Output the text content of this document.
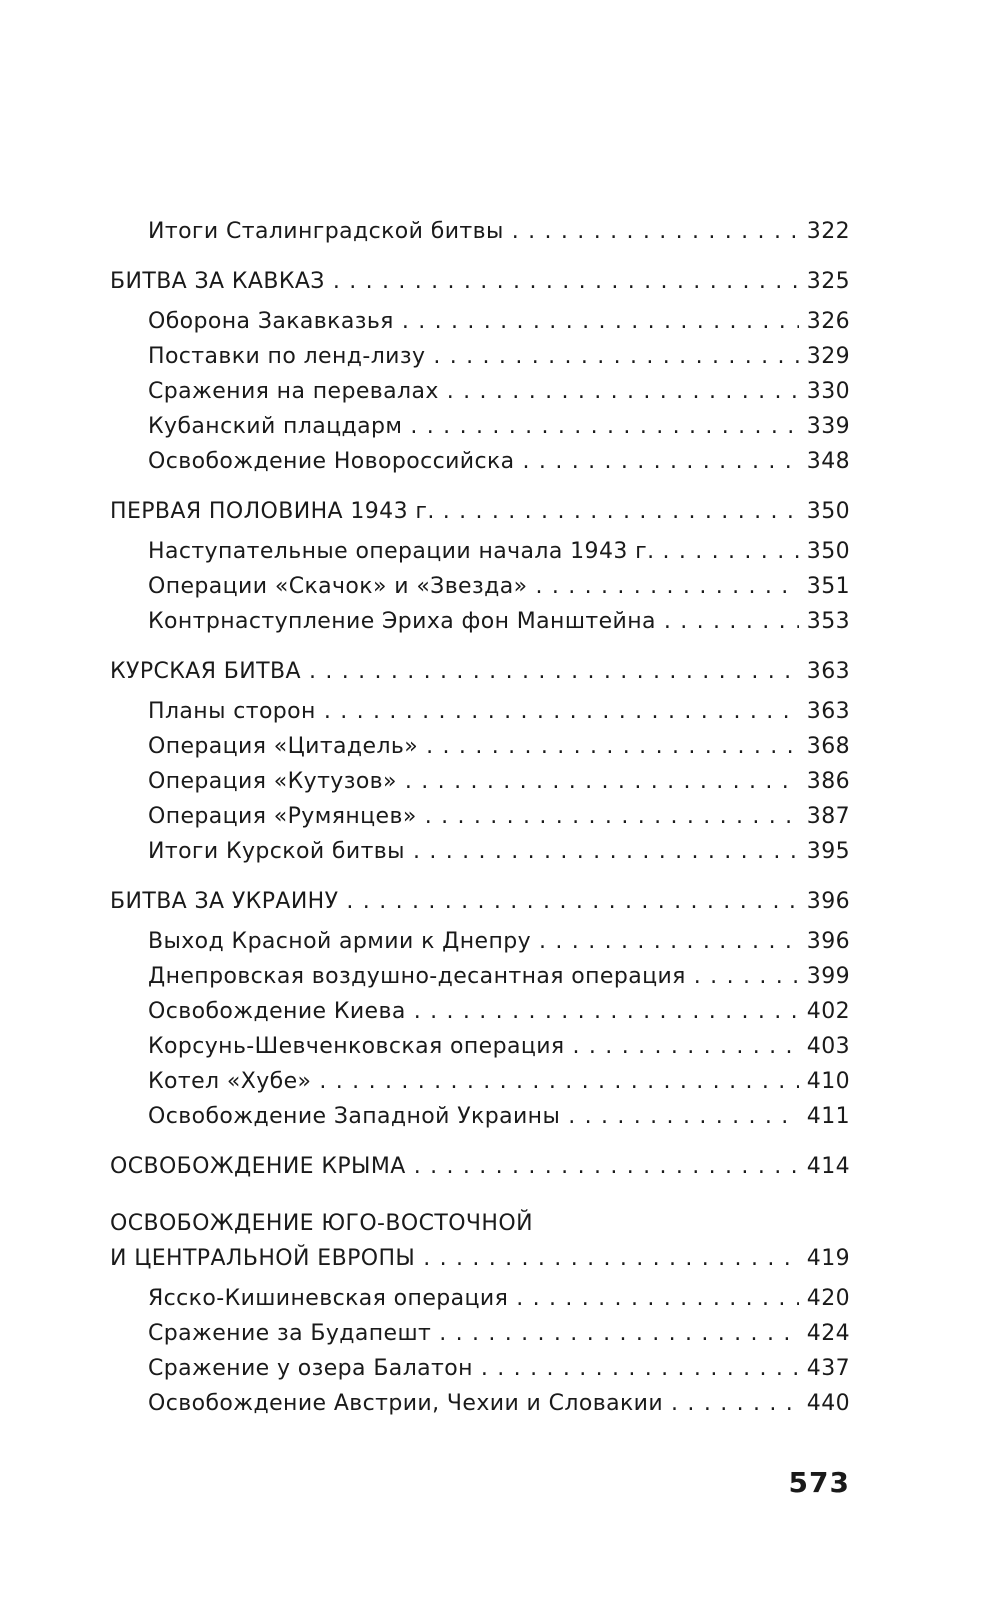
Итоги Сталинградской битвы . . .	322
БИТВА ЗА КАВКАЗ . . .	325
Оборона Закавказья . . .	326
Поставки по ленд-лизу . . .	329
Сражения на перевалах . . .	330
Кубанский плацдарм . . .	339
Освобождение Новороссийска . . .	348
ПЕРВАЯ ПОЛОВИНА 1943 г. . . .	350
Наступательные операции начала 1943 г. . . .	350
Операции «Скачок» и «Звезда» . . .	351
Контрнаступление Эриха фон Манштейна . . .	353
КУРСКАЯ БИТВА . . .	363
Планы сторон . . .	363
Операция «Цитадель» . . .	368
Операция «Кутузов» . . .	386
Операция «Румянцев» . . .	387
Итоги Курской битвы . . .	395
БИТВА ЗА УКРАИНУ . . .	396
Выход Красной армии к Днепру . . .	396
Днепровская воздушно-десантная операция . . .	399
Освобождение Киева . . .	402
Корсунь-Шевченковская операция . . .	403
Котел «Хубе» . . .	410
Освобождение Западной Украины . . .	411
ОСВОБОЖДЕНИЕ КРЫМА . . .	414
ОСВОБОЖДЕНИЕ ЮГО-ВОСТОЧНОЙ
И ЦЕНТРАЛЬНОЙ ЕВРОПЫ . . .	419
Ясско-Кишиневская операция . . .	420
Сражение за Будапешт . . .	424
Сражение у озера Балатон . . .	437
Освобождение Австрии, Чехии и Словакии . . .	440
573
